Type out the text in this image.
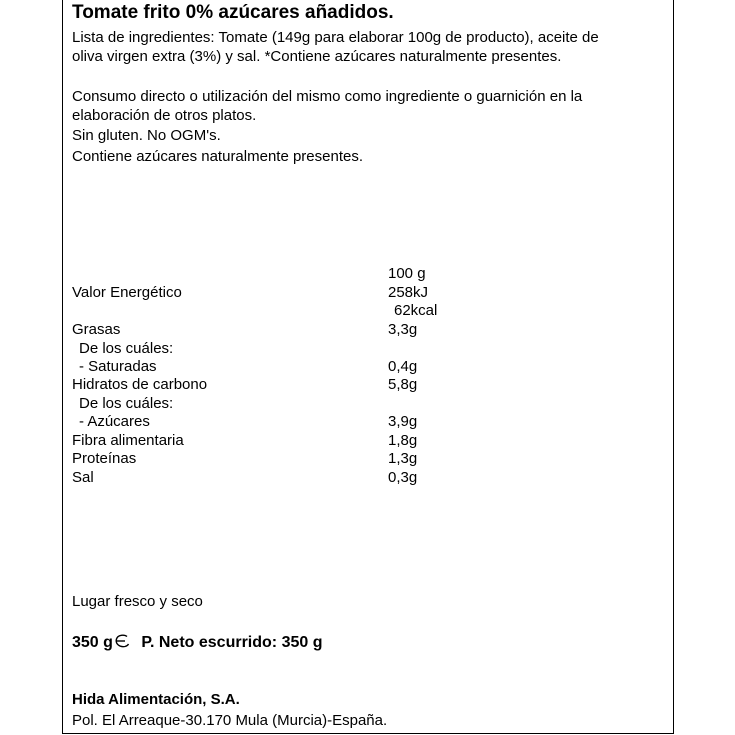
Tomate frito 0% azúcares añadidos.
Lista de ingredientes: Tomate (149g para elaborar 100g de producto), aceite de
oliva virgen extra (3%) y sal. *Contiene azúcares naturalmente presentes.
Consumo directo o utilización del mismo como ingrediente o guarnición en la
elaboración de otros platos.
Sin gluten. No OGM's.
Contiene azúcares naturalmente presentes.
100 g
Valor Energético	258kJ
62kcal
Grasas	3,3g
De los cuáles:
- Saturadas	0,4g
Hidratos de carbono	5,8g
De los cuáles:
- Azúcares	3,9g
Fibra alimentaria	1,8g
Proteínas	1,3g
Sal	0,3g
Lugar fresco y seco
350 g P. Neto escurrido: 350 g
Hida Alimentación, S.A.
Pol. El Arreaque-30.170 Mula (Murcia)-España.
